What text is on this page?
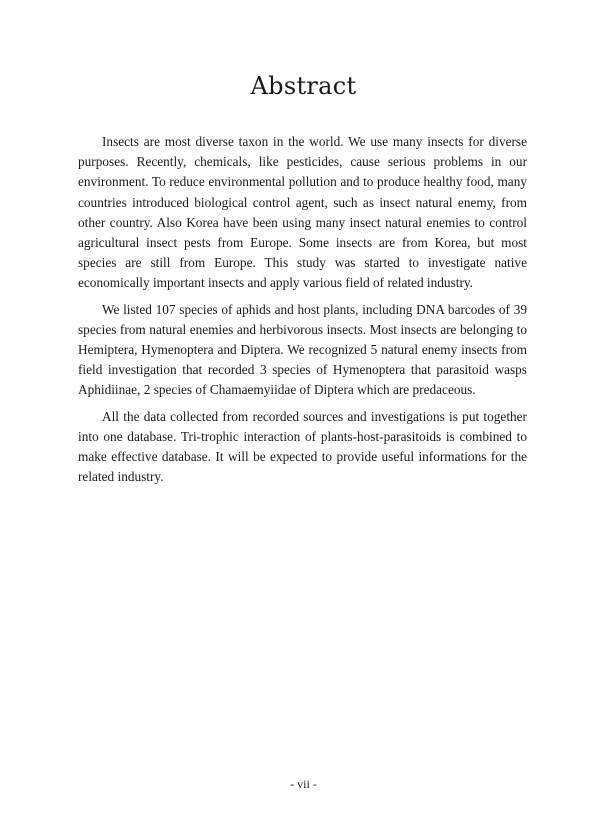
Abstract

Insects are most diverse taxon in the world. We use many insects for diverse purposes. Recently, chemicals, like pesticides, cause serious problems in our environment. To reduce environmental pollution and to produce healthy food, many countries introduced biological control agent, such as insect natural enemy, from other country. Also Korea have been using many insect natural enemies to control agricultural insect pests from Europe. Some insects are from Korea, but most species are still from Europe. This study was started to investigate native economically important insects and apply various field of related industry.

We listed 107 species of aphids and host plants, including DNA barcodes of 39 species from natural enemies and herbivorous insects. Most insects are belonging to Hemiptera, Hymenoptera and Diptera. We recognized 5 natural enemy insects from field investigation that recorded 3 species of Hymenoptera that parasitoid wasps Aphidiinae, 2 species of Chamaemyiidae of Diptera which are predaceous.

All the data collected from recorded sources and investigations is put together into one database. Tri-trophic interaction of plants-host-parasitoids is combined to make effective database. It will be expected to provide useful informations for the related industry.

- vii -
